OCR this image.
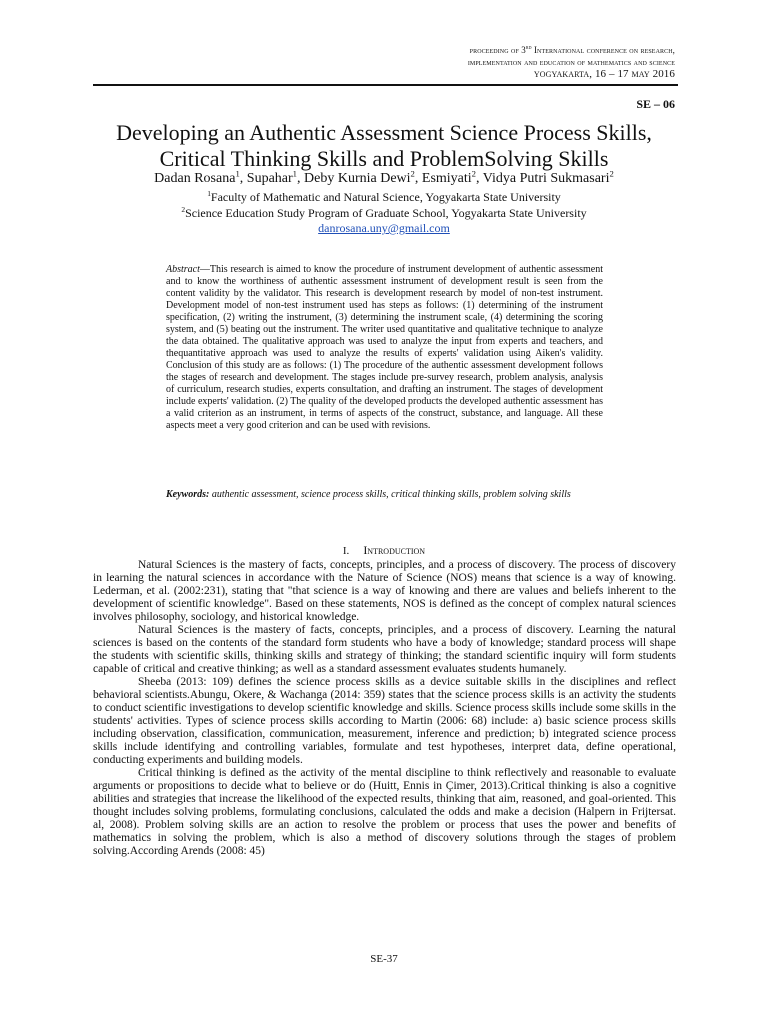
proceeding of 3rd International conference on research,
implementation and education of mathematics and science
yogyakarta, 16 – 17 may 2016
SE – 06
Developing an Authentic Assessment Science Process Skills,
Critical Thinking Skills and ProblemSolving Skills
Dadan Rosana$^1$, Supahar$^1$, Deby Kurnia Dewi$^2$, Esmiyati$^2$, Vidya Putri Sukmasari$^2$
$^1$Faculty of Mathematic and Natural Science, Yogyakarta State University
$^2$Science Education Study Program of Graduate School, Yogyakarta State University
danrosana.uny@gmail.com
Abstract—This research is aimed to know the procedure of instrument development of authentic assessment and to know the worthiness of authentic assessment instrument of development result is seen from the content validity by the validator. This research is development research by model of non-test instrument. Development model of non-test instrument used has steps as follows: (1) determining of the instrument specification, (2) writing the instrument, (3) determining the instrument scale, (4) determining the scoring system, and (5) beating out the instrument. The writer used quantitative and qualitative technique to analyze the data obtained. The qualitative approach was used to analyze the input from experts and teachers, and thequantitative approach was used to analyze the results of experts' validation using Aiken's validity. Conclusion of this study are as follows: (1) The procedure of the authentic assessment development follows the stages of research and development. The stages include pre-survey research, problem analysis, analysis of curriculum, research studies, experts consultation, and drafting an instrument. The stages of development include experts' validation. (2) The quality of the developed products the developed authentic assessment has a valid criterion as an instrument, in terms of aspects of the construct, substance, and language. All these aspects meet a very good criterion and can be used with revisions.
Keywords: authentic assessment, science process skills, critical thinking skills, problem solving skills
I. Introduction

Natural Sciences is the mastery of facts, concepts, principles, and a process of discovery. The process of discovery in learning the natural sciences in accordance with the Nature of Science (NOS) means that science is a way of knowing. Lederman, et al. (2002:231), stating that "that science is a way of knowing and there are values and beliefs inherent to the development of scientific knowledge". Based on these statements, NOS is defined as the concept of complex natural sciences involves philosophy, sociology, and historical knowledge.

Natural Sciences is the mastery of facts, concepts, principles, and a process of discovery. Learning the natural sciences is based on the contents of the standard form students who have a body of knowledge; standard process will shape the students with scientific skills, thinking skills and strategy of thinking; the standard scientific inquiry will form students capable of critical and creative thinking; as well as a standard assessment evaluates students humanely.

Sheeba (2013: 109) defines the science process skills as a device suitable skills in the disciplines and reflect behavioral scientists.Abungu, Okere, & Wachanga (2014: 359) states that the science process skills is an activity the students to conduct scientific investigations to develop scientific knowledge and skills. Science process skills include some skills in the students' activities. Types of science process skills according to Martin (2006: 68) include: a) basic science process skills including observation, classification, communication, measurement, inference and prediction; b) integrated science process skills include identifying and controlling variables, formulate and test hypotheses, interpret data, define operational, conducting experiments and building models.

Critical thinking is defined as the activity of the mental discipline to think reflectively and reasonable to evaluate arguments or propositions to decide what to believe or do (Huitt, Ennis in Çimer, 2013).Critical thinking is also a cognitive abilities and strategies that increase the likelihood of the expected results, thinking that aim, reasoned, and goal-oriented. This thought includes solving problems, formulating conclusions, calculated the odds and make a decision (Halpern in Frijtersat. al, 2008). Problem solving skills are an action to resolve the problem or process that uses the power and benefits of mathematics in solving the problem, which is also a method of discovery solutions through the stages of problem solving.According Arends (2008: 45)

SE-37
